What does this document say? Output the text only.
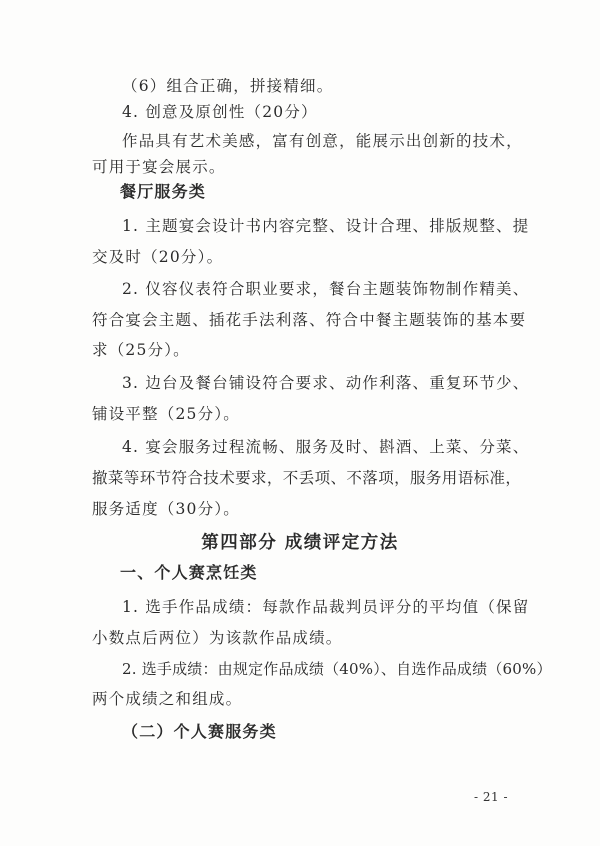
（6）组合正确，拼接精细。
4. 创意及原创性（20分）
作品具有艺术美感，富有创意，能展示出创新的技术，
可用于宴会展示。
餐厅服务类
1. 主题宴会设计书内容完整、设计合理、排版规整、提
交及时（20分）。
2. 仪容仪表符合职业要求，餐台主题装饰物制作精美、
符合宴会主题、插花手法利落、符合中餐主题装饰的基本要
求（25分）。
3. 边台及餐台铺设符合要求、动作利落、重复环节少、
铺设平整（25分）。
4. 宴会服务过程流畅、服务及时、斟酒、上菜、分菜、
撤菜等环节符合技术要求，不丢项、不落项，服务用语标准，
服务适度（30分）。
第四部分 成绩评定方法
一、个人赛烹饪类
1. 选手作品成绩：每款作品裁判员评分的平均值（保留
小数点后两位）为该款作品成绩。
2. 选手成绩：由规定作品成绩（40%）、自选作品成绩（60%）
两个成绩之和组成。
（二）个人赛服务类
- 21 -
